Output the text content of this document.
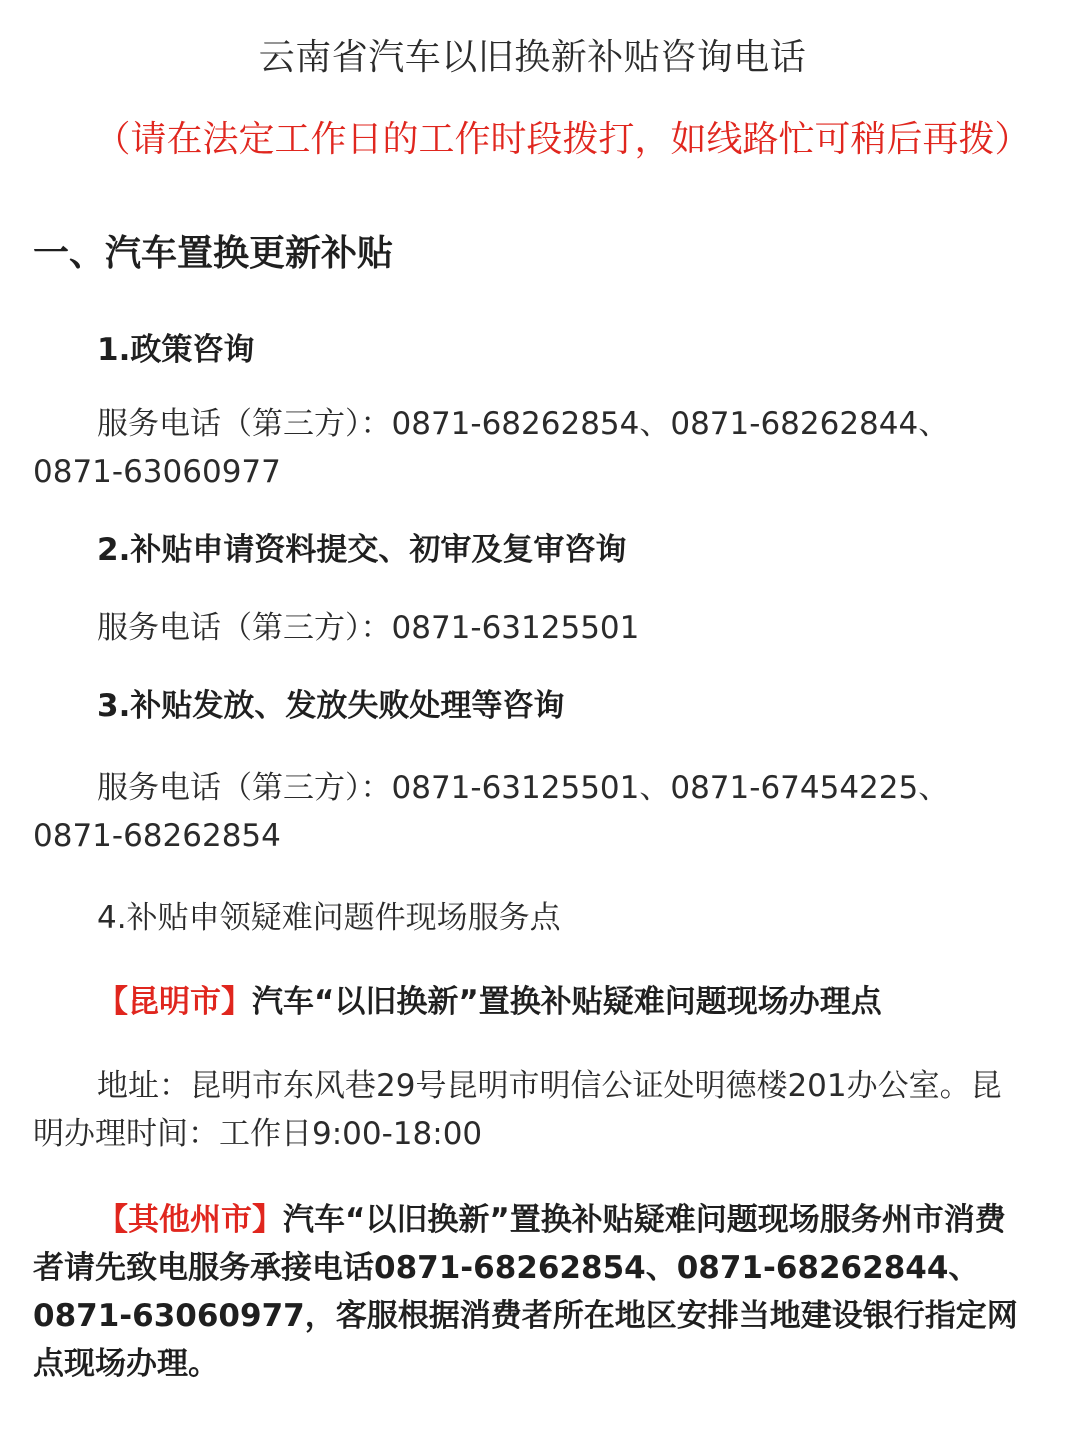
云南省汽车以旧换新补贴咨询电话
（请在法定工作日的工作时段拨打，如线路忙可稍后再拨）
一、汽车置换更新补贴
1.政策咨询
服务电话（第三方）：0871-68262854、0871-68262844、0871-63060977
2.补贴申请资料提交、初审及复审咨询
服务电话（第三方）：0871-63125501
3.补贴发放、发放失败处理等咨询
服务电话（第三方）：0871-63125501、0871-67454225、0871-68262854
4.补贴申领疑难问题件现场服务点
【昆明市】汽车“以旧换新”置换补贴疑难问题现场办理点
地址：昆明市东风巷29号昆明市明信公证处明德楼201办公室。昆明办理时间：工作日9:00-18:00
【其他州市】汽车“以旧换新”置换补贴疑难问题现场服务州市消费者请先致电服务承接电话0871-68262854、0871-68262844、0871-63060977，客服根据消费者所在地区安排当地建设银行指定网点现场办理。
